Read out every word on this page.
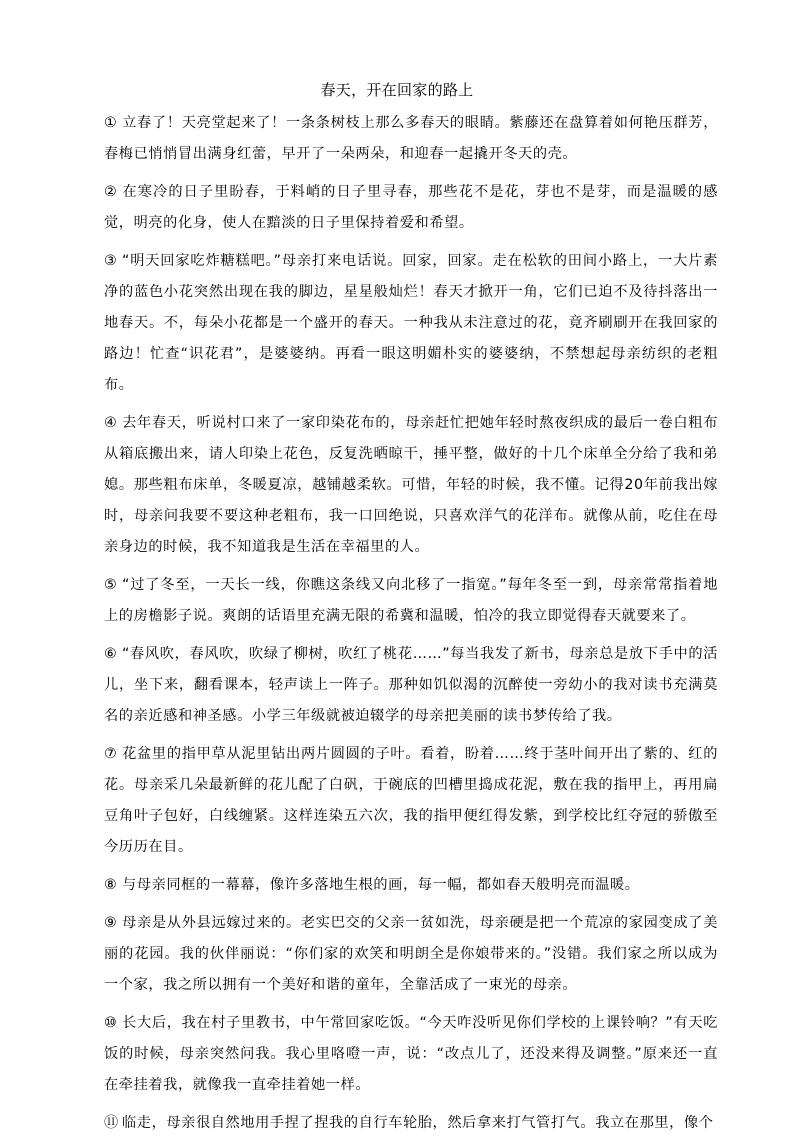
春天，开在回家的路上

① 立春了！天亮堂起来了！一条条树枝上那么多春天的眼睛。紫藤还在盘算着如何艳压群芳，春梅已悄悄冒出满身红蕾，早开了一朵两朵，和迎春一起撬开冬天的壳。

② 在寒冷的日子里盼春，于料峭的日子里寻春，那些花不是花，芽也不是芽，而是温暖的感觉，明亮的化身，使人在黯淡的日子里保持着爱和希望。

③ “明天回家吃炸糖糕吧。”母亲打来电话说。回家，回家。走在松软的田间小路上，一大片素净的蓝色小花突然出现在我的脚边，星星般灿烂！春天才掀开一角，它们已迫不及待抖落出一地春天。不，每朵小花都是一个盛开的春天。一种我从未注意过的花，竟齐刷刷开在我回家的路边！忙查“识花君”，是婆婆纳。再看一眼这明媚朴实的婆婆纳，不禁想起母亲纺织的老粗布。

④ 去年春天，听说村口来了一家印染花布的，母亲赶忙把她年轻时熬夜织成的最后一卷白粗布从箱底搬出来，请人印染上花色，反复洗晒晾干，捶平整，做好的十几个床单全分给了我和弟媳。那些粗布床单，冬暖夏凉，越铺越柔软。可惜，年轻的时候，我不懂。记得20年前我出嫁时，母亲问我要不要这种老粗布，我一口回绝说，只喜欢洋气的花洋布。就像从前，吃住在母亲身边的时候，我不知道我是生活在幸福里的人。

⑤ “过了冬至，一天长一线，你瞧这条线又向北移了一指宽。”每年冬至一到，母亲常常指着地上的房檐影子说。爽朗的话语里充满无限的希冀和温暖，怕冷的我立即觉得春天就要来了。

⑥ “春风吹，春风吹，吹绿了柳树，吹红了桃花……”每当我发了新书，母亲总是放下手中的活儿，坐下来，翻看课本，轻声读上一阵子。那种如饥似渴的沉醉使一旁幼小的我对读书充满莫名的亲近感和神圣感。小学三年级就被迫辍学的母亲把美丽的读书梦传给了我。

⑦ 花盆里的指甲草从泥里钻出两片圆圆的子叶。看着，盼着……终于茎叶间开出了紫的、红的花。母亲采几朵最新鲜的花儿配了白矾，于碗底的凹槽里捣成花泥，敷在我的指甲上，再用扁豆角叶子包好，白线缠紧。这样连染五六次，我的指甲便红得发紫，到学校比红夺冠的骄傲至今历历在目。

⑧ 与母亲同框的一幕幕，像许多落地生根的画，每一幅，都如春天般明亮而温暖。

⑨ 母亲是从外县远嫁过来的。老实巴交的父亲一贫如洗，母亲硬是把一个荒凉的家园变成了美丽的花园。我的伙伴丽说：“你们家的欢笑和明朗全是你娘带来的。”没错。我们家之所以成为一个家，我之所以拥有一个美好和谐的童年，全靠活成了一束光的母亲。

⑩ 长大后，我在村子里教书，中午常回家吃饭。“今天咋没听见你们学校的上课铃响？”有天吃饭的时候，母亲突然问我。我心里咯噔一声，说：“改点儿了，还没来得及调整。”原来还一直在牵挂着我，就像我一直牵挂着她一样。

⑪ 临走，母亲很自然地用手捏了捏我的自行车轮胎，然后拿来打气管打气。我立在那里，像个
